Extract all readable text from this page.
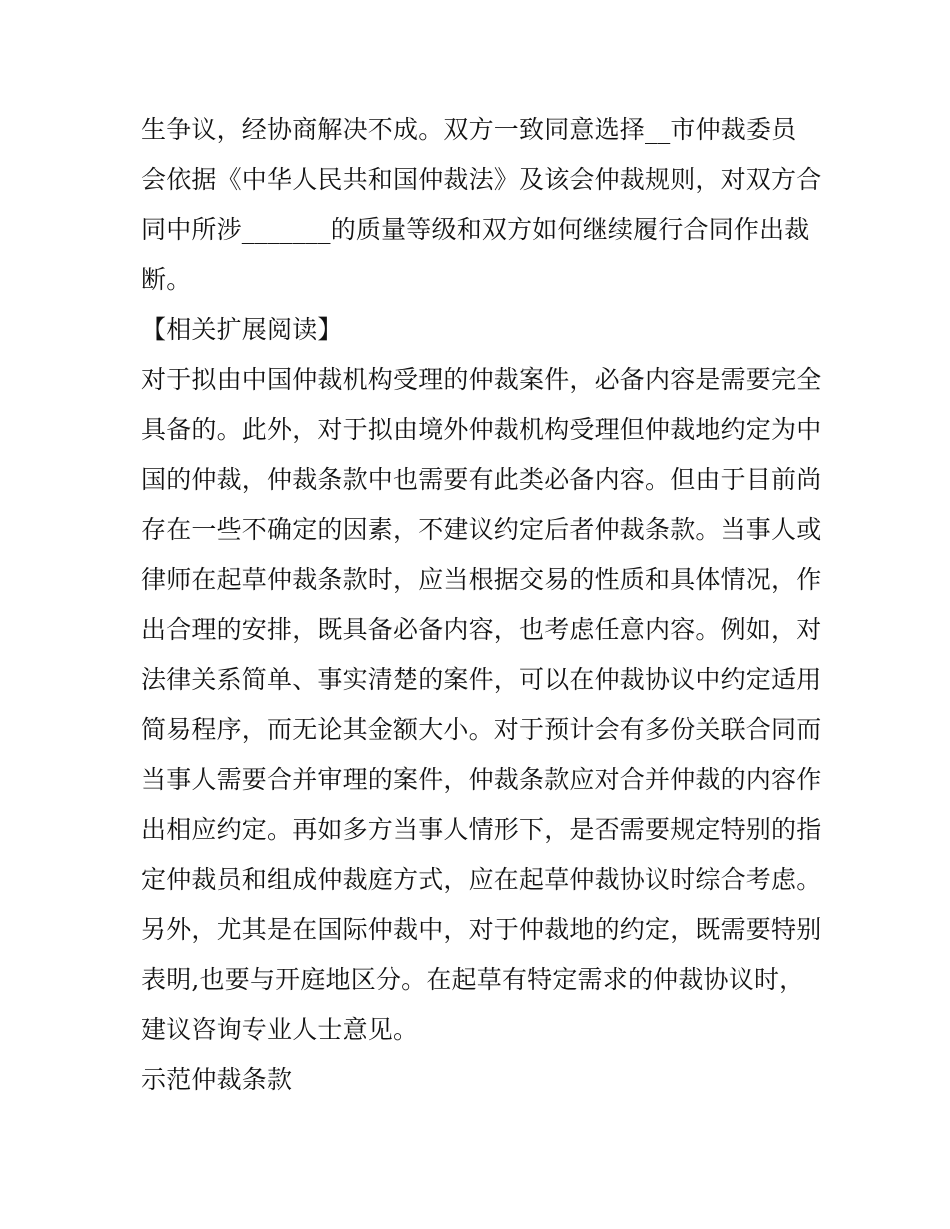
生争议，经协商解决不成。双方一致同意选择__市仲裁委员
会依据《中华人民共和国仲裁法》及该会仲裁规则，对双方合
同中所涉_______的质量等级和双方如何继续履行合同作出裁
断。
【相关扩展阅读】
对于拟由中国仲裁机构受理的仲裁案件，必备内容是需要完全
具备的。此外，对于拟由境外仲裁机构受理但仲裁地约定为中
国的仲裁，仲裁条款中也需要有此类必备内容。但由于目前尚
存在一些不确定的因素，不建议约定后者仲裁条款。当事人或
律师在起草仲裁条款时，应当根据交易的性质和具体情况，作
出合理的安排，既具备必备内容，也考虑任意内容。例如，对
法律关系简单、事实清楚的案件，可以在仲裁协议中约定适用
简易程序，而无论其金额大小。对于预计会有多份关联合同而
当事人需要合并审理的案件，仲裁条款应对合并仲裁的内容作
出相应约定。再如多方当事人情形下，是否需要规定特别的指
定仲裁员和组成仲裁庭方式，应在起草仲裁协议时综合考虑。
另外，尤其是在国际仲裁中，对于仲裁地的约定，既需要特别
表明,也要与开庭地区分。在起草有特定需求的仲裁协议时，
建议咨询专业人士意见。
示范仲裁条款
